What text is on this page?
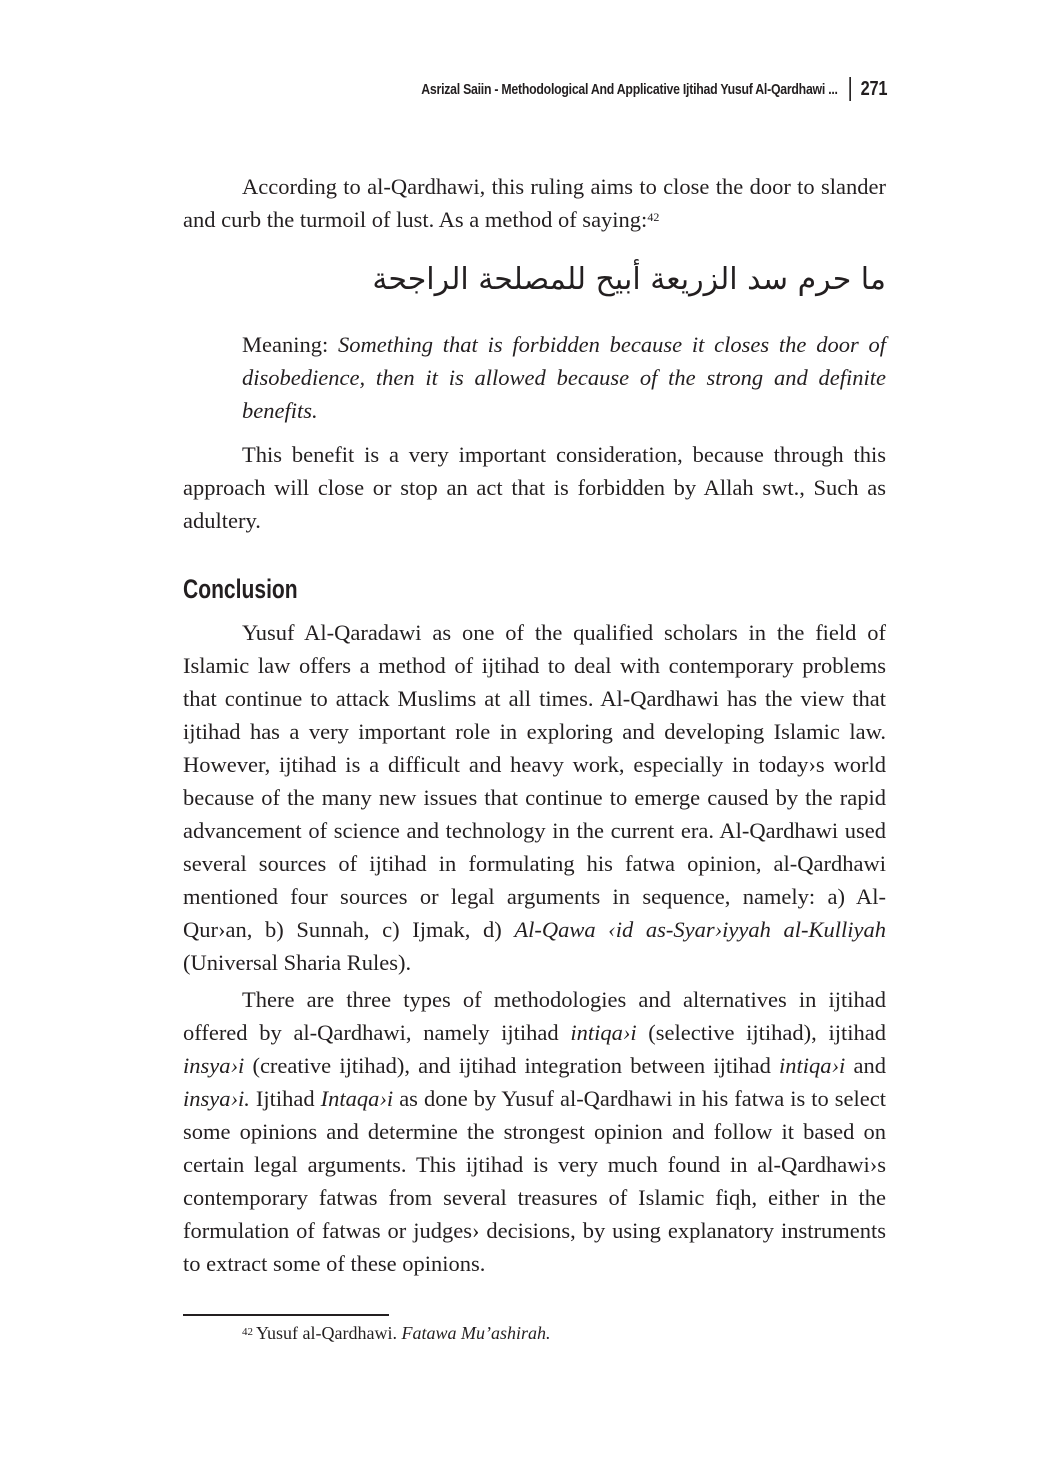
Asrizal Saiin - Methodological And Applicative Ijtihad Yusuf Al-Qardhawi ... 271

According to al-Qardhawi, this ruling aims to close the door to slander and curb the turmoil of lust. As a method of saying:$^{42}$

ما حرم سد الزريعة أبيح للمصلحة الراجحة
Meaning: Something that is forbidden because it closes the door of disobedience, then it is allowed because of the strong and definite benefits.

This benefit is a very important consideration, because through this approach will close or stop an act that is forbidden by Allah swt., Such as adultery.

Conclusion

Yusuf Al-Qaradawi as one of the qualified scholars in the field of Islamic law offers a method of ijtihad to deal with contemporary problems that continue to attack Muslims at all times. Al-Qardhawi has the view that ijtihad has a very important role in exploring and developing Islamic law. However, ijtihad is a difficult and heavy work, especially in today›s world because of the many new issues that continue to emerge caused by the rapid advancement of science and technology in the current era. Al-Qardhawi used several sources of ijtihad in formulating his fatwa opinion, al-Qardhawi mentioned four sources or legal arguments in sequence, namely: a) Al-Qur›an, b) Sunnah, c) Ijmak, d) Al-Qawa ‹id as-Syar›iyyah al-Kulliyah (Universal Sharia Rules).

There are three types of methodologies and alternatives in ijtihad offered by al-Qardhawi, namely ijtihad intiqa›i (selective ijtihad), ijtihad insya›i (creative ijtihad), and ijtihad integration between ijtihad intiqa›i and insya›i. Ijtihad Intaqa›i as done by Yusuf al-Qardhawi in his fatwa is to select some opinions and determine the strongest opinion and follow it based on certain legal arguments. This ijtihad is very much found in al-Qardhawi›s contemporary fatwas from several treasures of Islamic fiqh, either in the formulation of fatwas or judges› decisions, by using explanatory instruments to extract some of these opinions.

$^{42}$ Yusuf al-Qardhawi. Fatawa Mu’ashirah.
